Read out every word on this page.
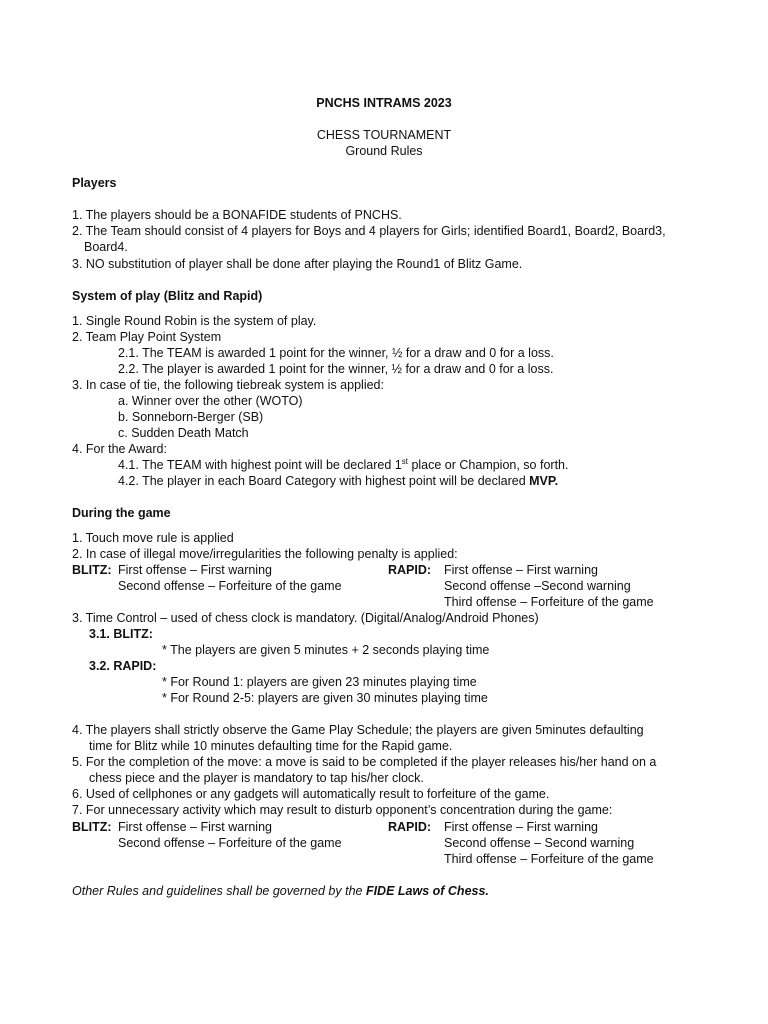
PNCHS INTRAMS 2023
CHESS TOURNAMENT
Ground Rules
Players
1. The players should be a BONAFIDE students of PNCHS.
2. The Team should consist of 4 players for Boys and 4 players for Girls; identified Board1, Board2, Board3,
Board4.
3. NO substitution of player shall be done after playing the Round1 of Blitz Game.
System of play (Blitz and Rapid)
1. Single Round Robin is the system of play.
2. Team Play Point System
2.1. The TEAM is awarded 1 point for the winner, ½ for a draw and 0 for a loss.
2.2. The player is awarded 1 point for the winner, ½ for a draw and 0 for a loss.
3. In case of tie, the following tiebreak system is applied:
a. Winner over the other (WOTO)
b. Sonneborn-Berger (SB)
c. Sudden Death Match
4. For the Award:
4.1. The TEAM with highest point will be declared 1st place or Champion, so forth.
4.2. The player in each Board Category with highest point will be declared MVP.
During the game
1. Touch move rule is applied
2. In case of illegal move/irregularities the following penalty is applied:
BLITZ: First offense – First warning
Second offense – Forfeiture of the game
RAPID: First offense – First warning
Second offense –Second warning
Third offense – Forfeiture of the game
3. Time Control – used of chess clock is mandatory. (Digital/Analog/Android Phones)
3.1. BLITZ:
* The players are given 5 minutes + 2 seconds playing time
3.2. RAPID:
* For Round 1: players are given 23 minutes playing time
* For Round 2-5: players are given 30 minutes playing time
4. The players shall strictly observe the Game Play Schedule; the players are given 5minutes defaulting
time for Blitz while 10 minutes defaulting time for the Rapid game.
5. For the completion of the move: a move is said to be completed if the player releases his/her hand on a
chess piece and the player is mandatory to tap his/her clock.
6. Used of cellphones or any gadgets will automatically result to forfeiture of the game.
7. For unnecessary activity which may result to disturb opponent’s concentration during the game:
BLITZ: First offense – First warning
Second offense – Forfeiture of the game
RAPID: First offense – First warning
Second offense – Second warning
Third offense – Forfeiture of the game
Other Rules and guidelines shall be governed by the FIDE Laws of Chess.
